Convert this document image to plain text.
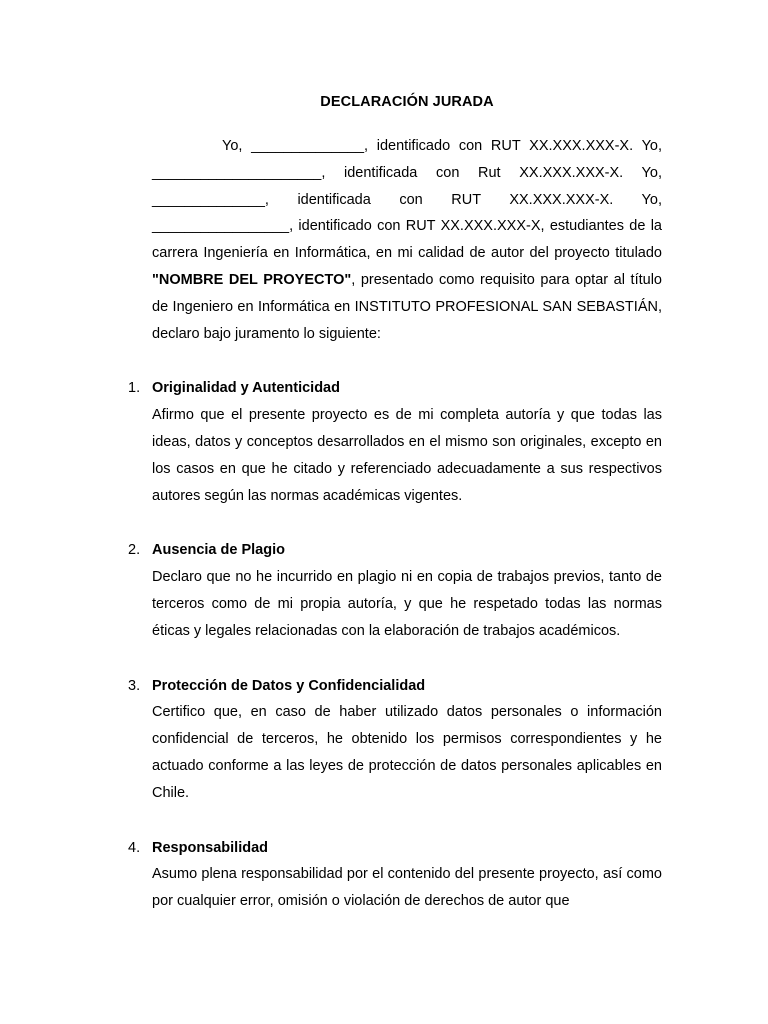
DECLARACIÓN JURADA

Yo, ______________, identificado con RUT XX.XXX.XXX-X. Yo, _____________________, identificada con Rut XX.XXX.XXX-X. Yo, ______________, identificada con RUT XX.XXX.XXX-X. Yo, _________________, identificado con RUT XX.XXX.XXX-X, estudiantes de la carrera Ingeniería en Informática, en mi calidad de autor del proyecto titulado "NOMBRE DEL PROYECTO", presentado como requisito para optar al título de Ingeniero en Informática en INSTITUTO PROFESIONAL SAN SEBASTIÁN, declaro bajo juramento lo siguiente:

1. Originalidad y Autenticidad

Afirmo que el presente proyecto es de mi completa autoría y que todas las ideas, datos y conceptos desarrollados en el mismo son originales, excepto en los casos en que he citado y referenciado adecuadamente a sus respectivos autores según las normas académicas vigentes.

2. Ausencia de Plagio

Declaro que no he incurrido en plagio ni en copia de trabajos previos, tanto de terceros como de mi propia autoría, y que he respetado todas las normas éticas y legales relacionadas con la elaboración de trabajos académicos.

3. Protección de Datos y Confidencialidad

Certifico que, en caso de haber utilizado datos personales o información confidencial de terceros, he obtenido los permisos correspondientes y he actuado conforme a las leyes de protección de datos personales aplicables en Chile.

4. Responsabilidad

Asumo plena responsabilidad por el contenido del presente proyecto, así como por cualquier error, omisión o violación de derechos de autor que
